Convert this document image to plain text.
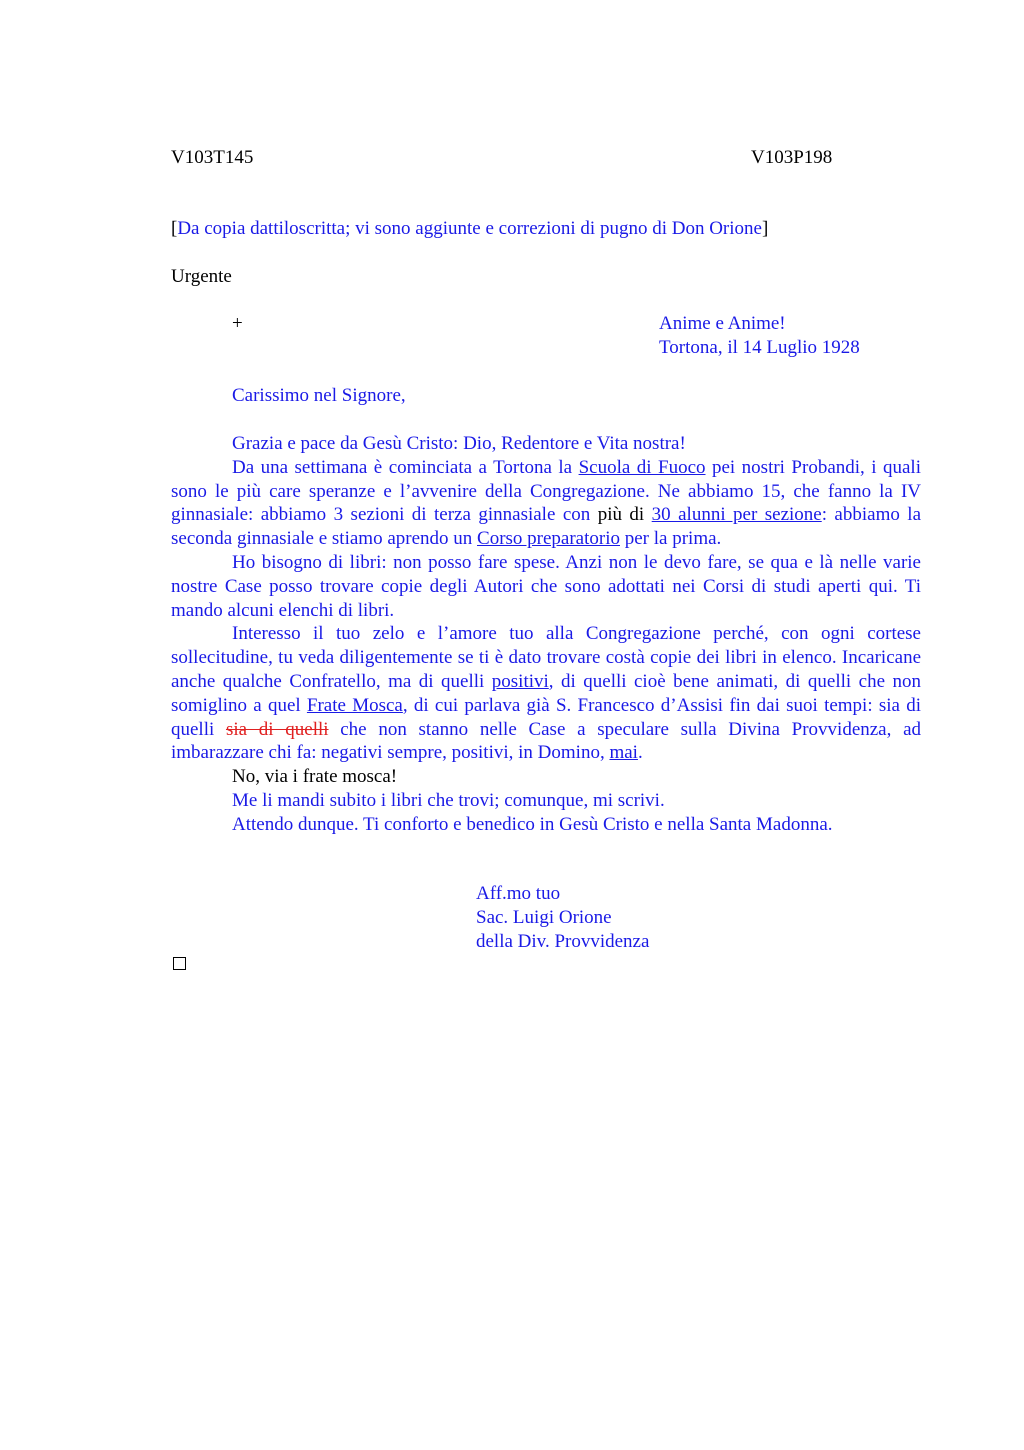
V103T145	V103P198
[Da copia dattiloscritta; vi sono aggiunte e correzioni di pugno di Don Orione]
Urgente
+	Anime e Anime!
Tortona, il 14 Luglio 1928
Carissimo nel Signore,

Grazia e pace da Gesù Cristo: Dio, Redentore e Vita nostra!

Da una settimana è cominciata a Tortona la Scuola di Fuoco pei nostri Probandi, i quali sono le più care speranze e l’avvenire della Congregazione. Ne abbiamo 15, che fanno la IV ginnasiale: abbiamo 3 sezioni di terza ginnasiale con più di 30 alunni per sezione: abbiamo la seconda ginnasiale e stiamo aprendo un Corso preparatorio per la prima.

Ho bisogno di libri: non posso fare spese. Anzi non le devo fare, se qua e là nelle varie nostre Case posso trovare copie degli Autori che sono adottati nei Corsi di studi aperti qui. Ti mando alcuni elenchi di libri.

Interesso il tuo zelo e l’amore tuo alla Congregazione perché, con ogni cortese sollecitudine, tu veda diligentemente se ti è dato trovare costà copie dei libri in elenco. Incaricane anche qualche Confratello, ma di quelli positivi, di quelli cioè bene animati, di quelli che non somiglino a quel Frate Mosca, di cui parlava già S. Francesco d’Assisi fin dai suoi tempi: sia di quelli sia di quelli che non stanno nelle Case a speculare sulla Divina Provvidenza, ad imbarazzare chi fa: negativi sempre, positivi, in Domino, mai.

No, via i frate mosca!

Me li mandi subito i libri che trovi; comunque, mi scrivi.

Attendo dunque. Ti conforto e benedico in Gesù Cristo e nella Santa Madonna.

Aff.mo tuo
Sac. Luigi Orione
della Div. Provvidenza
